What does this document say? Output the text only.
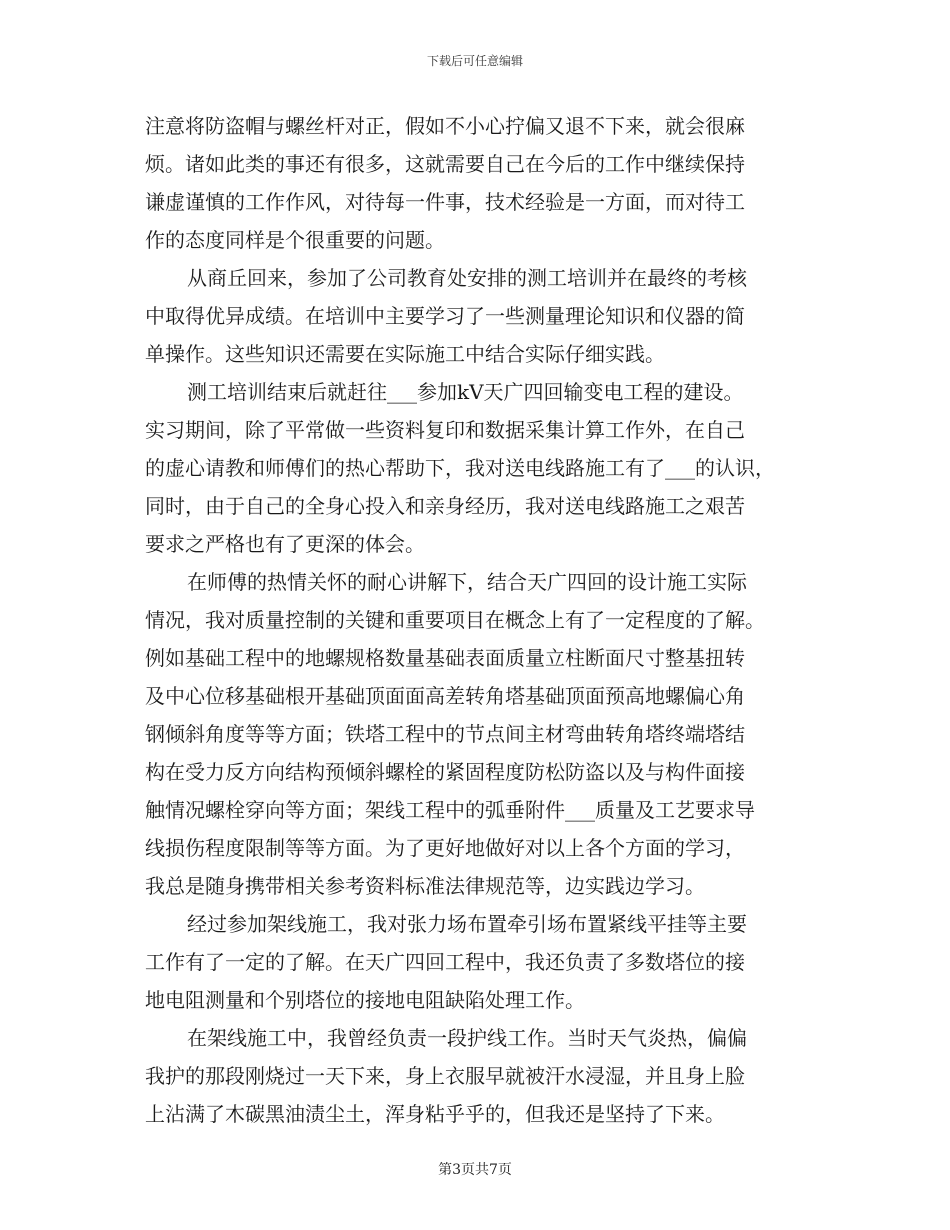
下载后可任意编辑
注意将防盗帽与螺丝杆对正，假如不小心拧偏又退不下来，就会很麻
烦。诸如此类的事还有很多，这就需要自己在今后的工作中继续保持
谦虚谨慎的工作作风，对待每一件事，技术经验是一方面，而对待工
作的态度同样是个很重要的问题。
从商丘回来，参加了公司教育处安排的测工培训并在最终的考核
中取得优异成绩。在培训中主要学习了一些测量理论知识和仪器的简
单操作。这些知识还需要在实际施工中结合实际仔细实践。
测工培训结束后就赶往___参加kV天广四回输变电工程的建设。
实习期间，除了平常做一些资料复印和数据采集计算工作外，在自己
的虚心请教和师傅们的热心帮助下，我对送电线路施工有了___的认识，
同时，由于自己的全身心投入和亲身经历，我对送电线路施工之艰苦
要求之严格也有了更深的体会。
在师傅的热情关怀的耐心讲解下，结合天广四回的设计施工实际
情况，我对质量控制的关键和重要项目在概念上有了一定程度的了解。
例如基础工程中的地螺规格数量基础表面质量立柱断面尺寸整基扭转
及中心位移基础根开基础顶面面高差转角塔基础顶面预高地螺偏心角
钢倾斜角度等等方面；铁塔工程中的节点间主材弯曲转角塔终端塔结
构在受力反方向结构预倾斜螺栓的紧固程度防松防盗以及与构件面接
触情况螺栓穿向等方面；架线工程中的弧垂附件___质量及工艺要求导
线损伤程度限制等等方面。为了更好地做好对以上各个方面的学习，
我总是随身携带相关参考资料标准法律规范等，边实践边学习。
经过参加架线施工，我对张力场布置牵引场布置紧线平挂等主要
工作有了一定的了解。在天广四回工程中，我还负责了多数塔位的接
地电阻测量和个别塔位的接地电阻缺陷处理工作。
在架线施工中，我曾经负责一段护线工作。当时天气炎热，偏偏
我护的那段刚烧过一天下来，身上衣服早就被汗水浸湿，并且身上脸
上沾满了木碳黑油渍尘土，浑身粘乎乎的，但我还是坚持了下来。
第3页共7页
